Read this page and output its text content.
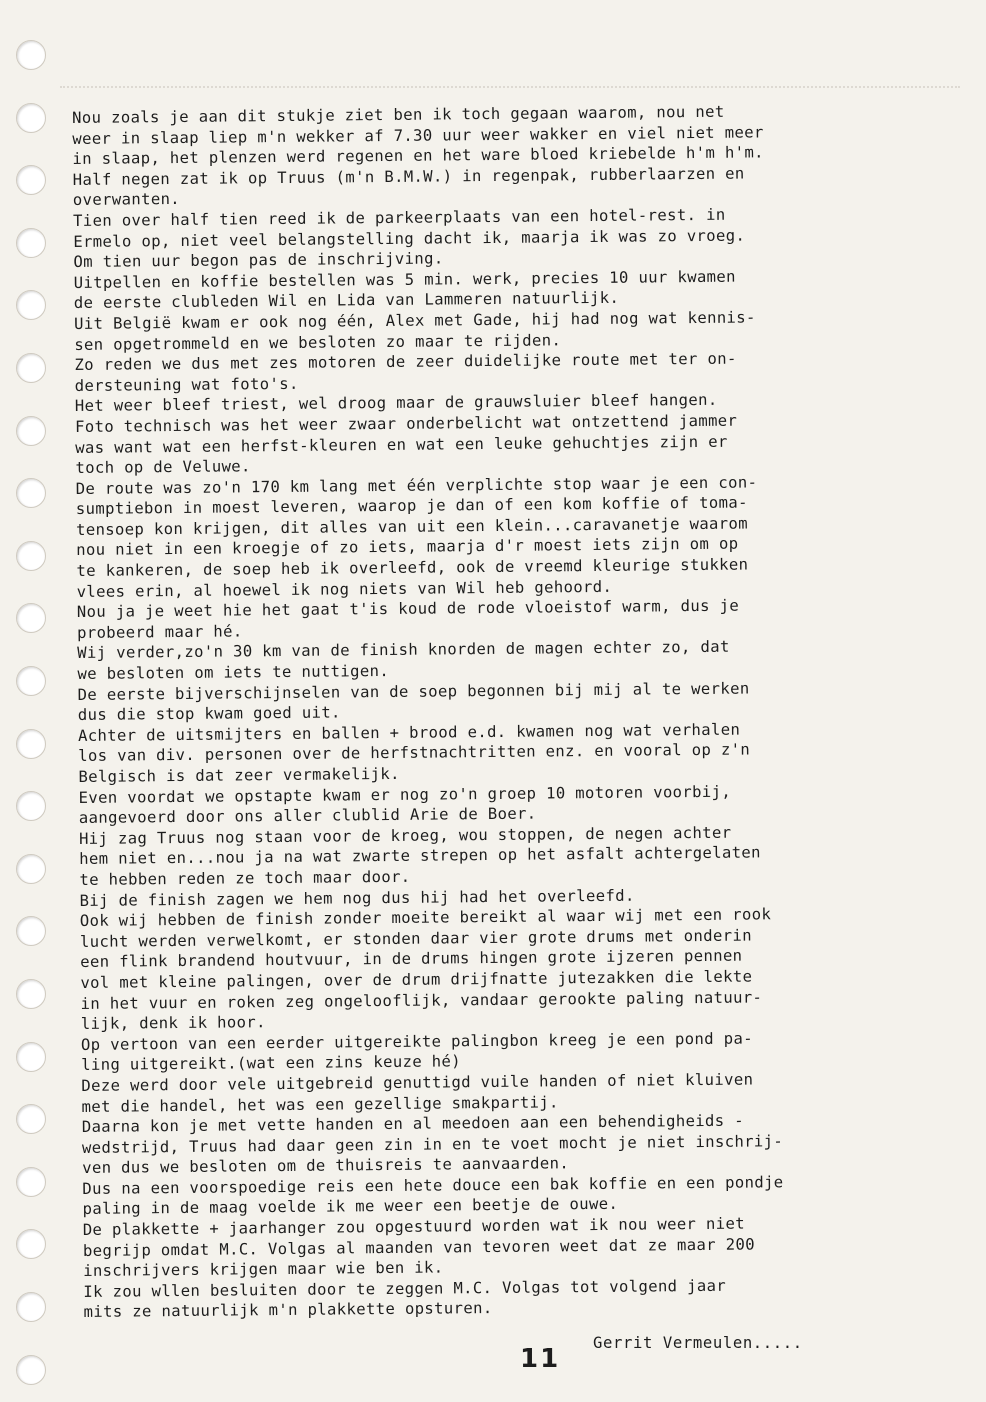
Nou zoals je aan dit stukje ziet ben ik toch gegaan waarom, nou net
weer in slaap liep m'n wekker af 7.30 uur weer wakker en viel niet meer
in slaap, het plenzen werd regenen en het ware bloed kriebelde h'm h'm.
Half negen zat ik op Truus (m'n B.M.W.) in regenpak, rubberlaarzen en
overwanten.
Tien over half tien reed ik de parkeerplaats van een hotel-rest. in
Ermelo op, niet veel belangstelling dacht ik, maarja ik was zo vroeg.
Om tien uur begon pas de inschrijving.
Uitpellen en koffie bestellen was 5 min. werk, precies 10 uur kwamen
de eerste clubleden Wil en Lida van Lammeren natuurlijk.
Uit België kwam er ook nog één, Alex met Gade, hij had nog wat kennis-
sen opgetrommeld en we besloten zo maar te rijden.
Zo reden we dus met zes motoren de zeer duidelijke route met ter on-
dersteuning wat foto's.
Het weer bleef triest, wel droog maar de grauwsluier bleef hangen.
Foto technisch was het weer zwaar onderbelicht wat ontzettend jammer
was want wat een herfst-kleuren en wat een leuke gehuchtjes zijn er
toch op de Veluwe.
De route was zo'n 170 km lang met één verplichte stop waar je een con-
sumptiebon in moest leveren, waarop je dan of een kom koffie of toma-
tensoep kon krijgen, dit alles van uit een klein...caravanetje waarom
nou niet in een kroegje of zo iets, maarja d'r moest iets zijn om op
te kankeren, de soep heb ik overleefd, ook de vreemd kleurige stukken
vlees erin, al hoewel ik nog niets van Wil heb gehoord.
Nou ja je weet hie het gaat t'is koud de rode vloeistof warm, dus je
probeerd maar hé.
Wij verder,zo'n 30 km van de finish knorden de magen echter zo, dat
we besloten om iets te nuttigen.
De eerste bijverschijnselen van de soep begonnen bij mij al te werken
dus die stop kwam goed uit.
Achter de uitsmijters en ballen + brood e.d. kwamen nog wat verhalen
los van div. personen over de herfstnachtritten enz. en vooral op z'n
Belgisch is dat zeer vermakelijk.
Even voordat we opstapte kwam er nog zo'n groep 10 motoren voorbij,
aangevoerd door ons aller clublid Arie de Boer.
Hij zag Truus nog staan voor de kroeg, wou stoppen, de negen achter
hem niet en...nou ja na wat zwarte strepen op het asfalt achtergelaten
te hebben reden ze toch maar door.
Bij de finish zagen we hem nog dus hij had het overleefd.
Ook wij hebben de finish zonder moeite bereikt al waar wij met een rook
lucht werden verwelkomt, er stonden daar vier grote drums met onderin
een flink brandend houtvuur, in de drums hingen grote ijzeren pennen
vol met kleine palingen, over de drum drijfnatte jutezakken die lekte
in het vuur en roken zeg ongelooflijk, vandaar gerookte paling natuur-
lijk, denk ik hoor.
Op vertoon van een eerder uitgereikte palingbon kreeg je een pond pa-
ling uitgereikt.(wat een zins keuze hé)
Deze werd door vele uitgebreid genuttigd vuile handen of niet kluiven
met die handel, het was een gezellige smakpartij.
Daarna kon je met vette handen en al meedoen aan een behendigheids -
wedstrijd, Truus had daar geen zin in en te voet mocht je niet inschrij-
ven dus we besloten om de thuisreis te aanvaarden.
Dus na een voorspoedige reis een hete douce een bak koffie en een pondje
paling in de maag voelde ik me weer een beetje de ouwe.
De plakkette + jaarhanger zou opgestuurd worden wat ik nou weer niet
begrijp omdat M.C. Volgas al maanden van tevoren weet dat ze maar 200
inschrijvers krijgen maar wie ben ik.
Ik zou wllen besluiten door te zeggen M.C. Volgas tot volgend jaar
mits ze natuurlijk m'n plakkette opsturen.
11
Gerrit Vermeulen.....
